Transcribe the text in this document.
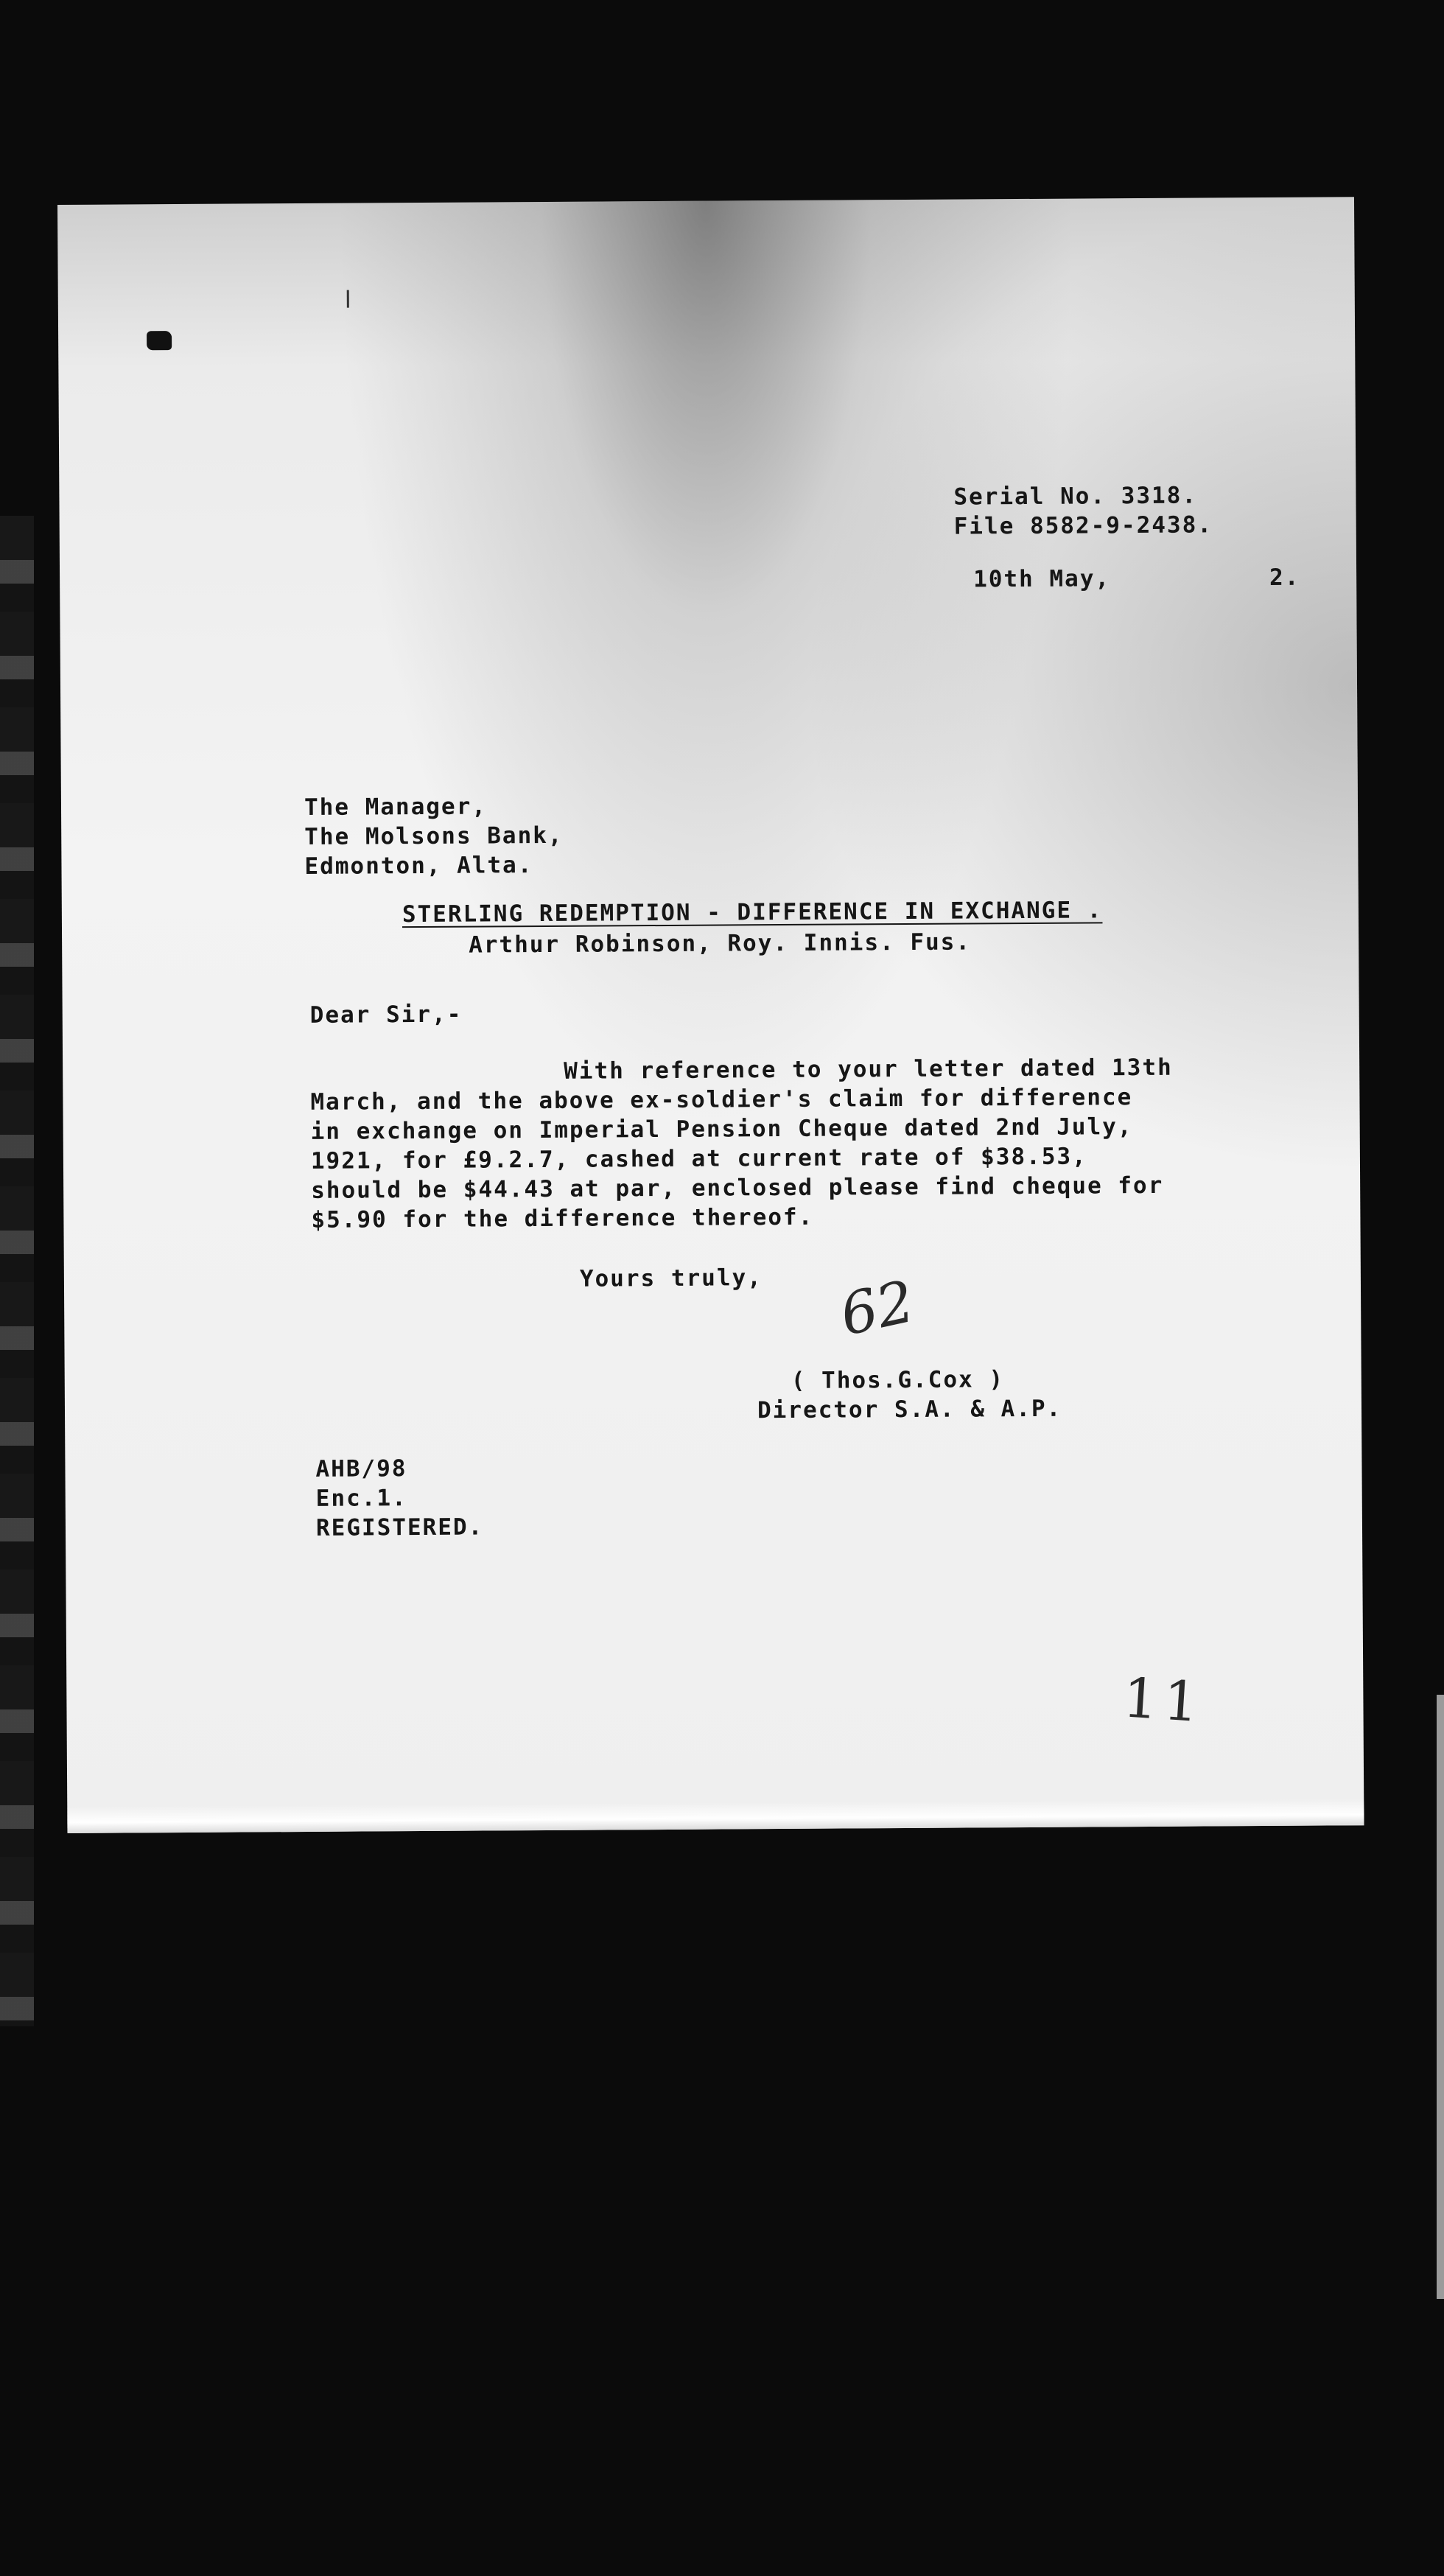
Serial No. 3318.
File 8582-9-2438.
10th May,	2.
The Manager,
The Molsons Bank,
Edmonton, Alta.
STERLING REDEMPTION - DIFFERENCE IN EXCHANGE .
Arthur Robinson, Roy. Innis. Fus.
Dear Sir,-
With reference to your letter dated 13th
March, and the above ex-soldier's claim for difference
in exchange on Imperial Pension Cheque dated 2nd July,
1921, for £9.2.7, cashed at current rate of $38.53,
should be $44.43 at par, enclosed please find cheque for
$5.90 for the difference thereof.
Yours truly, 62
( Thos.G.Cox )
Director S.A. & A.P.
AHB/98
Enc.1.
REGISTERED.
11
